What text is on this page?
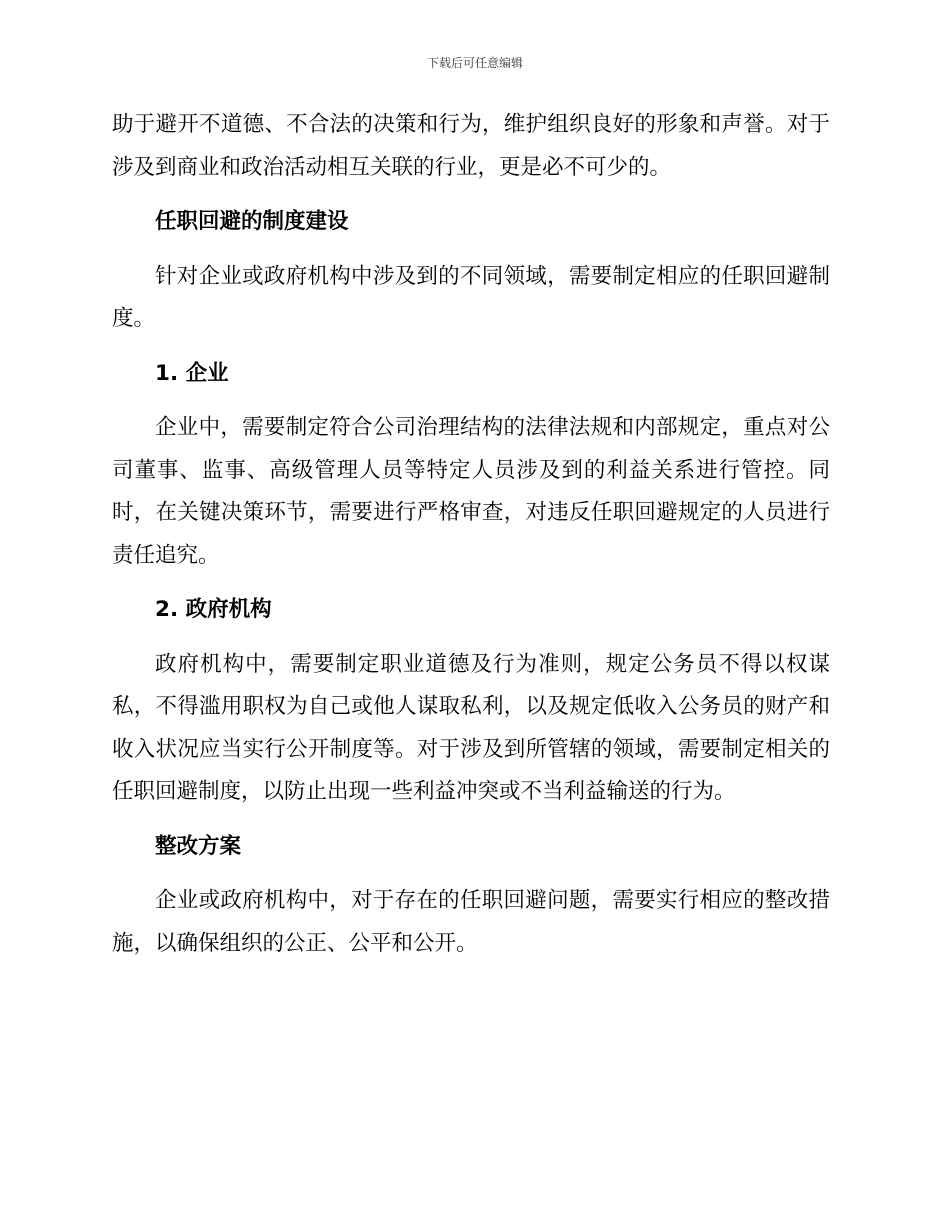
下载后可任意编辑

助于避开不道德、不合法的决策和行为，维护组织良好的形象和声誉。对于涉及到商业和政治活动相互关联的行业，更是必不可少的。

任职回避的制度建设

针对企业或政府机构中涉及到的不同领域，需要制定相应的任职回避制度。

1. 企业

企业中，需要制定符合公司治理结构的法律法规和内部规定，重点对公司董事、监事、高级管理人员等特定人员涉及到的利益关系进行管控。同时，在关键决策环节，需要进行严格审查，对违反任职回避规定的人员进行责任追究。

2. 政府机构

政府机构中，需要制定职业道德及行为准则，规定公务员不得以权谋私，不得滥用职权为自己或他人谋取私利，以及规定低收入公务员的财产和收入状况应当实行公开制度等。对于涉及到所管辖的领域，需要制定相关的任职回避制度，以防止出现一些利益冲突或不当利益输送的行为。

整改方案

企业或政府机构中，对于存在的任职回避问题，需要实行相应的整改措施，以确保组织的公正、公平和公开。
